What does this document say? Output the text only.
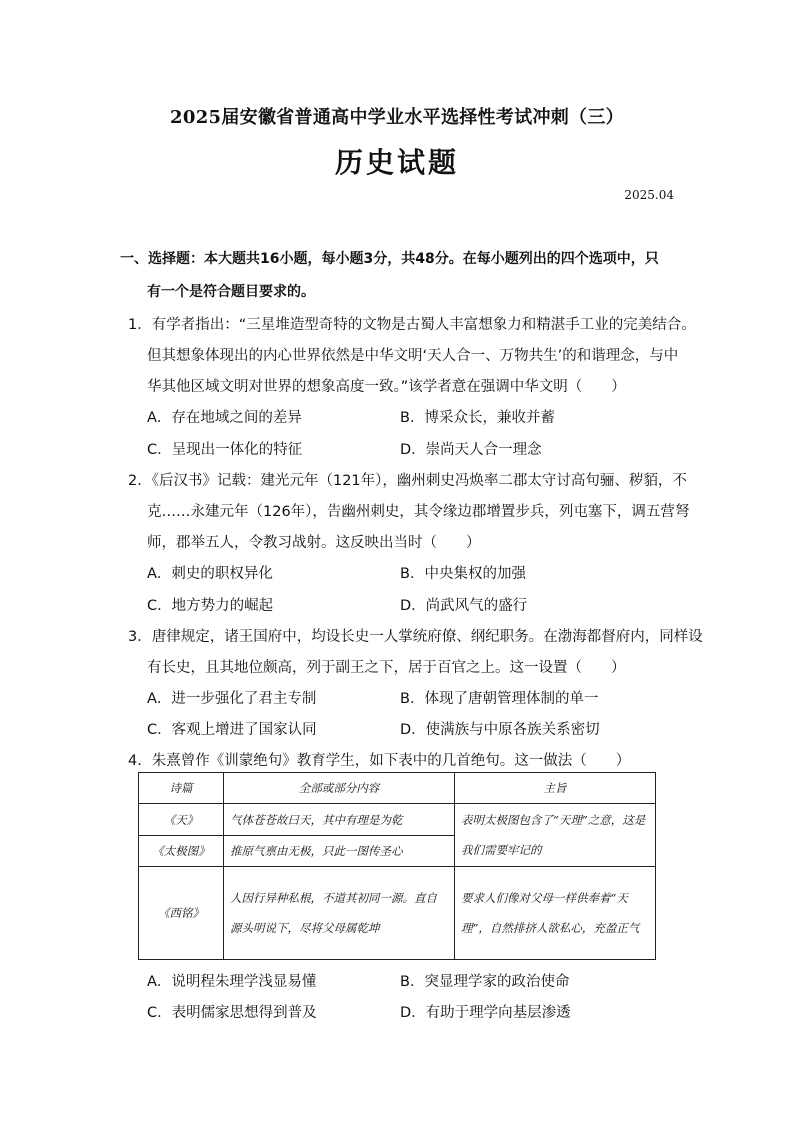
2025届安徽省普通高中学业水平选择性考试冲刺（三）
历史试题
2025.04
一、选择题：本大题共16小题，每小题3分，共48分。在每小题列出的四个选项中，只
有一个是符合题目要求的。
1．有学者指出：“三星堆造型奇特的文物是古蜀人丰富想象力和精湛手工业的完美结合。
但其想象体现出的内心世界依然是中华文明‘天人合一、万物共生’的和谐理念，与中
华其他区域文明对世界的想象高度一致。”该学者意在强调中华文明（　　）
A．存在地域之间的差异	B．博采众长，兼收并蓄
C．呈现出一体化的特征	D．崇尚天人合一理念
2．《后汉书》记载：建光元年（121年），幽州刺史冯焕率二郡太守讨高句骊、秽貊，不
克……永建元年（126年），告幽州刺史，其令缘边郡增置步兵，列屯塞下，调五营弩
师，郡举五人，令教习战射。这反映出当时（　　）
A．刺史的职权异化	B．中央集权的加强
C．地方势力的崛起	D．尚武风气的盛行
3．唐律规定，诸王国府中，均设长史一人掌统府僚、纲纪职务。在渤海都督府内，同样设
有长史，且其地位颇高，列于副王之下，居于百官之上。这一设置（　　）
A．进一步强化了君主专制	B．体现了唐朝管理体制的单一
C．客观上增进了国家认同	D．使满族与中原各族关系密切
4．朱熹曾作《训蒙绝句》教育学生，如下表中的几首绝句。这一做法（　　）
诗篇	全部或部分内容	主旨
《天》	气体苍苍故曰天，其中有理是为乾	表明太极图包含了“天理”之意，这是我们需要牢记的
《太极图》	推原气禀由无极，只此一图传圣心	
《西铭》	人因行异种私根，不道其初同一源。直自源头明说下，尽将父母属乾坤	要求人们像对父母一样供奉着“天理”，自然排挤人欲私心，充盈正气
A．说明程朱理学浅显易懂	B．突显理学家的政治使命
C．表明儒家思想得到普及	D．有助于理学向基层渗透
